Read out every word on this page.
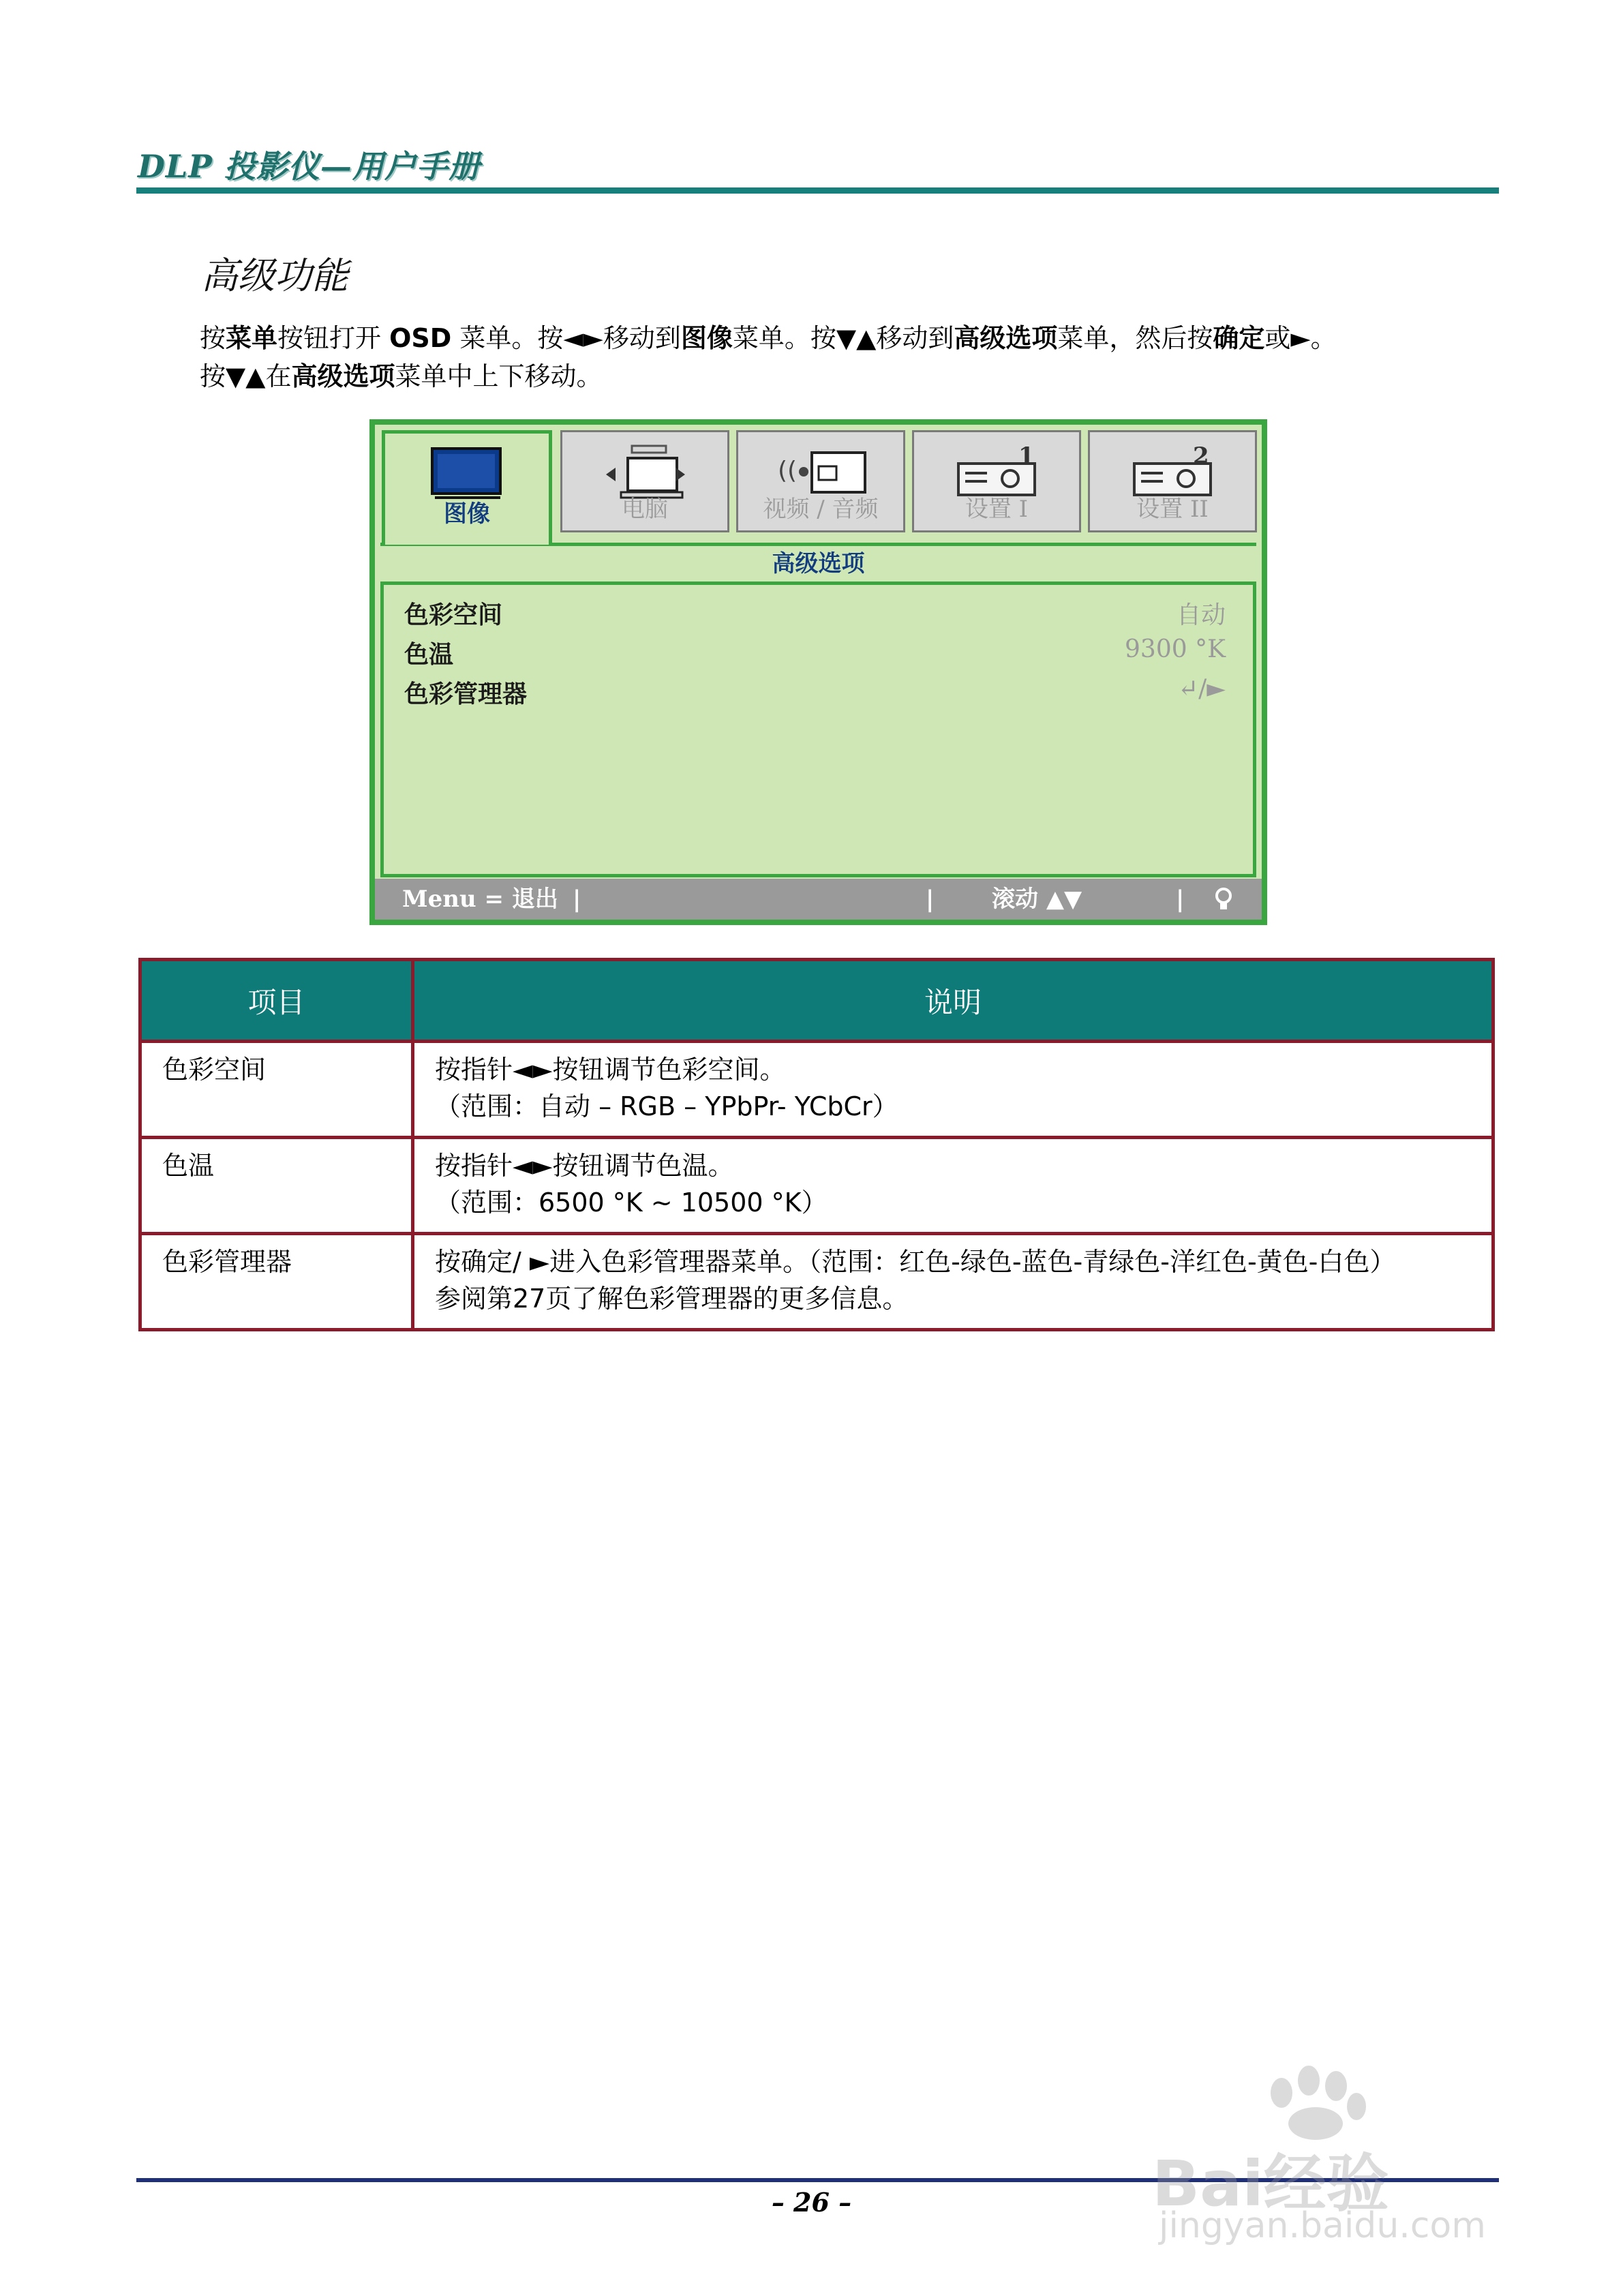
DLP 投影仪—用户手册
高级功能
按菜单按钮打开 OSD 菜单。按◄►移动到图像菜单。按▼▲移动到高级选项菜单，然后按确定或►。
按▼▲在高级选项菜单中上下移动。
图像	电脑
((
视频 / 音频
1
设置 I
2
设置 II
高级选项
色彩空间	自动
色温	9300 °K
色彩管理器	↵/►
Menu = 退出 |	| 滚动 ▲▼	|
项目	说明
色彩空间	按指针◄►按钮调节色彩空间。
（范围：自动 – RGB – YPbPr- YCbCr）

色温	按指针◄►按钮调节色温。
（范围：6500 °K ~ 10500 °K）

色彩管理器	按确定/ ►进入色彩管理器菜单。（范围：红色-绿色-蓝色-青绿色-洋红色-黄色-白色）
参阅第27页了解色彩管理器的更多信息。
– 26 –	Bai经验
jingyan.baidu.com
